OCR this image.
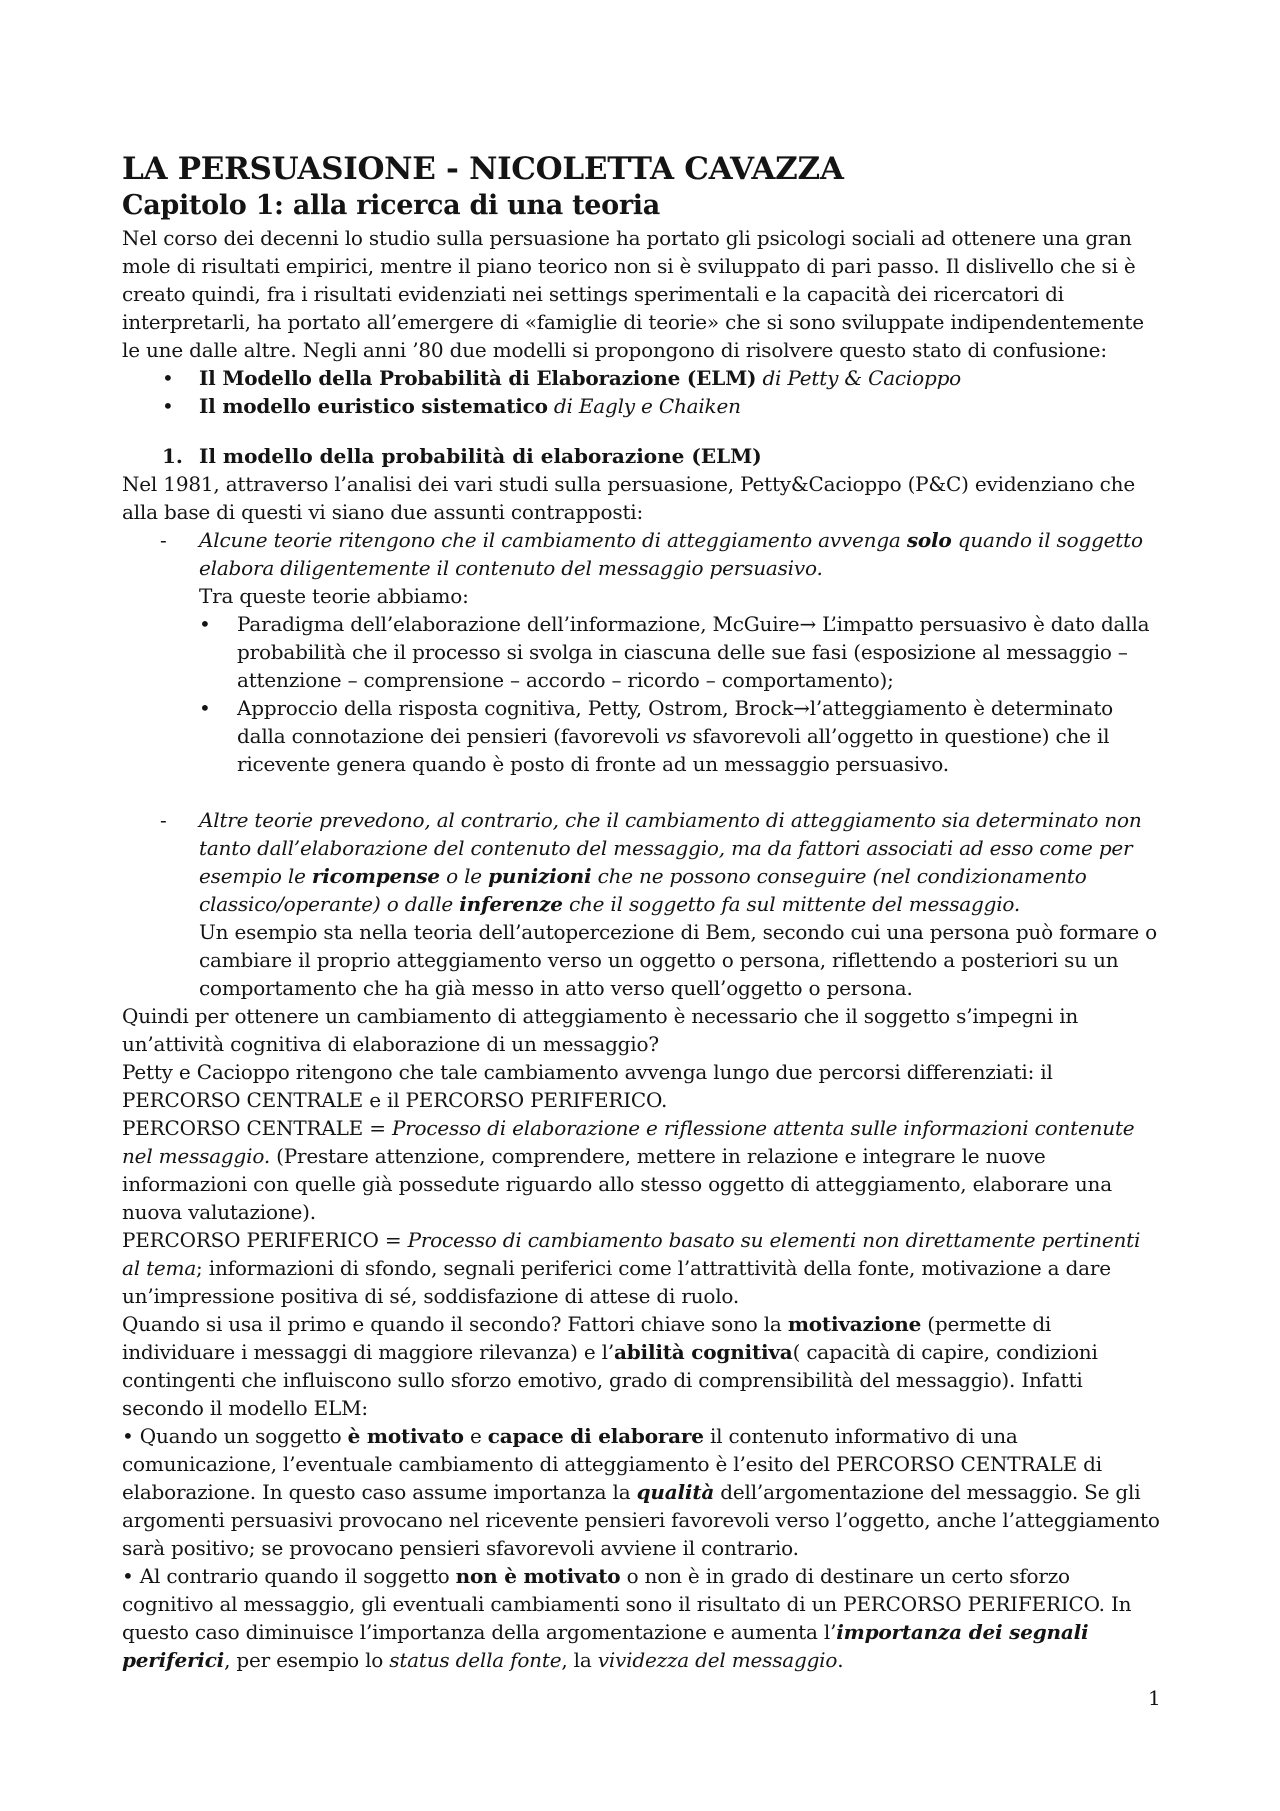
LA PERSUASIONE - NICOLETTA CAVAZZA
Capitolo 1: alla ricerca di una teoria

Nel corso dei decenni lo studio sulla persuasione ha portato gli psicologi sociali ad ottenere una gran mole di risultati empirici, mentre il piano teorico non si è sviluppato di pari passo. Il dislivello che si è creato quindi, fra i risultati evidenziati nei settings sperimentali e la capacità dei ricercatori di interpretarli, ha portato all’emergere di «famiglie di teorie» che si sono sviluppate indipendentemente le une dalle altre. Negli anni ’80 due modelli si propongono di risolvere questo stato di confusione:

• Il Modello della Probabilità di Elaborazione (ELM) di Petty & Cacioppo
• Il modello euristico sistematico di Eagly e Chaiken
1. Il modello della probabilità di elaborazione (ELM)

Nel 1981, attraverso l’analisi dei vari studi sulla persuasione, Petty&Cacioppo (P&C) evidenziano che alla base di questi vi siano due assunti contrapposti:

- Alcune teorie ritengono che il cambiamento di atteggiamento avvenga solo quando il soggetto elabora diligentemente il contenuto del messaggio persuasivo.
Tra queste teorie abbiamo:
• Paradigma dell’elaborazione dell’informazione, McGuire→ L’impatto persuasivo è dato dalla probabilità che il processo si svolga in ciascuna delle sue fasi (esposizione al messaggio – attenzione – comprensione – accordo – ricordo – comportamento);
• Approccio della risposta cognitiva, Petty, Ostrom, Brock→l’atteggiamento è determinato dalla connotazione dei pensieri (favorevoli vs sfavorevoli all’oggetto in questione) che il ricevente genera quando è posto di fronte ad un messaggio persuasivo.
- Altre teorie prevedono, al contrario, che il cambiamento di atteggiamento sia determinato non tanto dall’elaborazione del contenuto del messaggio, ma da fattori associati ad esso come per esempio le ricompense o le punizioni che ne possono conseguire (nel condizionamento classico/operante) o dalle inferenze che il soggetto fa sul mittente del messaggio.
Un esempio sta nella teoria dell’autopercezione di Bem, secondo cui una persona può formare o cambiare il proprio atteggiamento verso un oggetto o persona, riflettendo a posteriori su un comportamento che ha già messo in atto verso quell’oggetto o persona.

Quindi per ottenere un cambiamento di atteggiamento è necessario che il soggetto s’impegni in un’attività cognitiva di elaborazione di un messaggio?

Petty e Cacioppo ritengono che tale cambiamento avvenga lungo due percorsi differenziati: il PERCORSO CENTRALE e il PERCORSO PERIFERICO.

PERCORSO CENTRALE = Processo di elaborazione e riflessione attenta sulle informazioni contenute nel messaggio. (Prestare attenzione, comprendere, mettere in relazione e integrare le nuove informazioni con quelle già possedute riguardo allo stesso oggetto di atteggiamento, elaborare una nuova valutazione).

PERCORSO PERIFERICO = Processo di cambiamento basato su elementi non direttamente pertinenti al tema; informazioni di sfondo, segnali periferici come l’attrattività della fonte, motivazione a dare un’impressione positiva di sé, soddisfazione di attese di ruolo.

Quando si usa il primo e quando il secondo? Fattori chiave sono la motivazione (permette di individuare i messaggi di maggiore rilevanza) e l’abilità cognitiva( capacità di capire, condizioni contingenti che influiscono sullo sforzo emotivo, grado di comprensibilità del messaggio). Infatti secondo il modello ELM:

• Quando un soggetto è motivato e capace di elaborare il contenuto informativo di una comunicazione, l’eventuale cambiamento di atteggiamento è l’esito del PERCORSO CENTRALE di elaborazione. In questo caso assume importanza la qualità dell’argomentazione del messaggio. Se gli argomenti persuasivi provocano nel ricevente pensieri favorevoli verso l’oggetto, anche l’atteggiamento sarà positivo; se provocano pensieri sfavorevoli avviene il contrario.

• Al contrario quando il soggetto non è motivato o non è in grado di destinare un certo sforzo cognitivo al messaggio, gli eventuali cambiamenti sono il risultato di un PERCORSO PERIFERICO. In questo caso diminuisce l’importanza della argomentazione e aumenta l’importanza dei segnali periferici, per esempio lo status della fonte, la vividezza del messaggio.

1
